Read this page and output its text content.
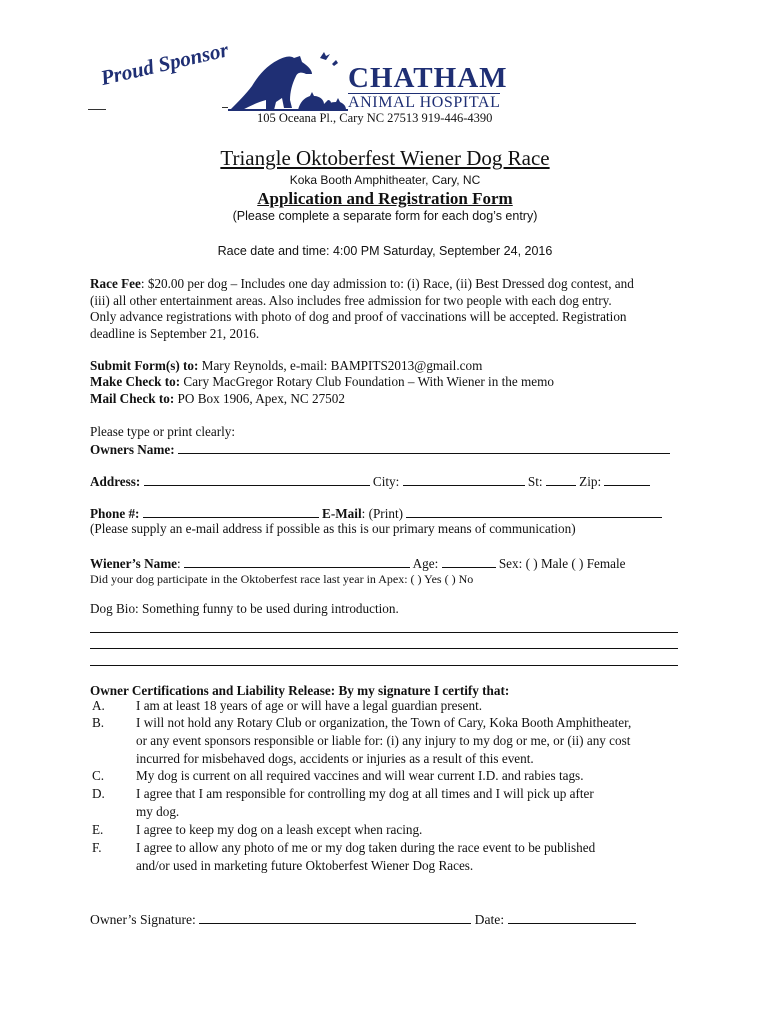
Proud Sponsor	CHATHAM
ANIMAL HOSPITAL
105 Oceana Pl., Cary NC 27513 919-446-4390
Triangle Oktoberfest Wiener Dog Race
Koka Booth Amphitheater, Cary, NC
Application and Registration Form
(Please complete a separate form for each dog’s entry)
Race date and time: 4:00 PM Saturday, September 24, 2016
Race Fee: $20.00 per dog – Includes one day admission to: (i) Race, (ii) Best Dressed dog contest, and
(iii) all other entertainment areas. Also includes free admission for two people with each dog entry.
Only advance registrations with photo of dog and proof of vaccinations will be accepted. Registration
deadline is September 21, 2016.
Submit Form(s) to: Mary Reynolds, e-mail: BAMPITS2013@gmail.com
Make Check to: Cary MacGregor Rotary Club Foundation – With Wiener in the memo
Mail Check to: PO Box 1906, Apex, NC 27502
Please type or print clearly:
Owners Name:
Address:	City:	St:	Zip:
Phone #:	E-Mail: (Print)
(Please supply an e-mail address if possible as this is our primary means of communication)
Wiener’s Name:	Age:	Sex: ( ) Male ( ) Female
Did your dog participate in the Oktoberfest race last year in Apex: ( ) Yes ( ) No
Dog Bio: Something funny to be used during introduction.
Owner Certifications and Liability Release: By my signature I certify that:
A. I am at least 18 years of age or will have a legal guardian present.
B. I will not hold any Rotary Club or organization, the Town of Cary, Koka Booth Amphitheater,
or any event sponsors responsible or liable for: (i) any injury to my dog or me, or (ii) any cost
incurred for misbehaved dogs, accidents or injuries as a result of this event.
C. My dog is current on all required vaccines and will wear current I.D. and rabies tags.
D. I agree that I am responsible for controlling my dog at all times and I will pick up after
my dog.
E. I agree to keep my dog on a leash except when racing.
F.	I agree to allow any photo of me or my dog taken during the race event to be published
and/or used in marketing future Oktoberfest Wiener Dog Races.
Owner’s Signature:	Date:
